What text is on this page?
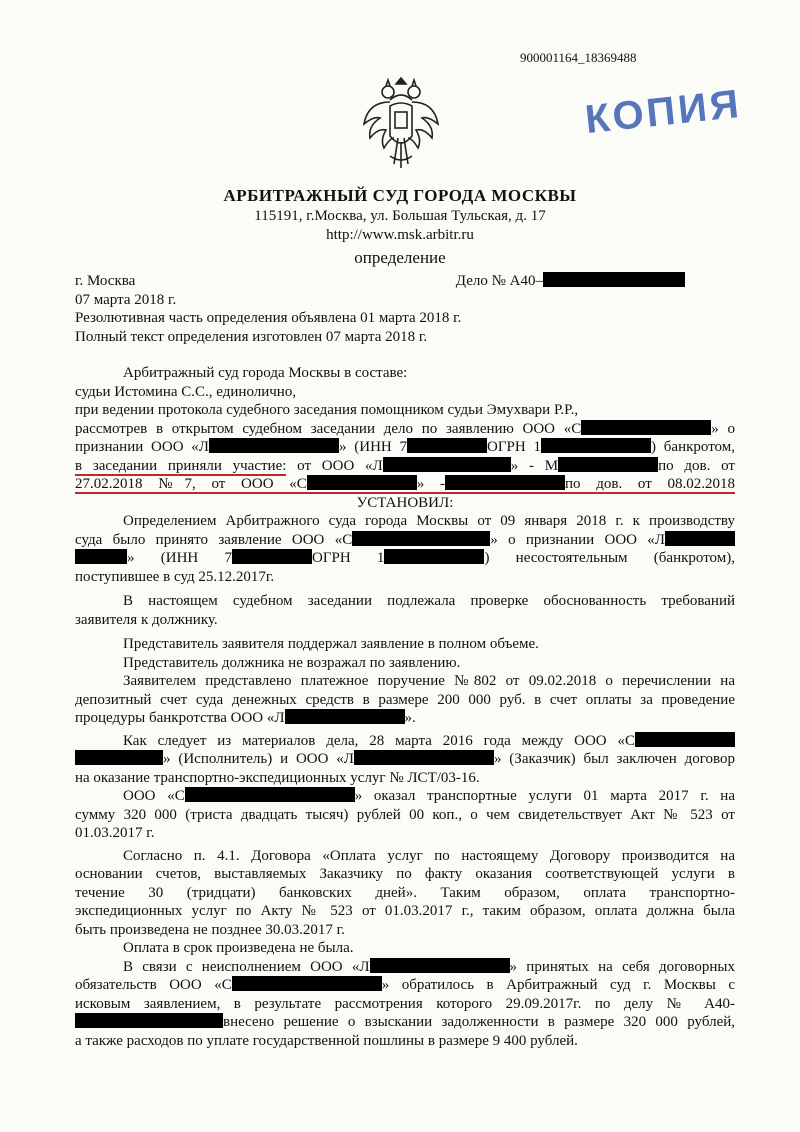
900001164_18369488
КОПИЯ
АРБИТРАЖНЫЙ СУД ГОРОДА МОСКВЫ
115191, г.Москва, ул. Большая Тульская, д. 17
http://www.msk.arbitr.ru
определение
г. Москва	Дело № А40–
07 марта 2018 г.
Резолютивная часть определения объявлена 01 марта 2018 г.
Полный текст определения изготовлен 07 марта 2018 г.
Арбитражный суд города Москвы в составе:
судьи Истомина С.С., единолично,
при ведении протокола судебного заседания помощником судьи Эмухвари Р.Р.,
рассмотрев в открытом судебном заседании дело по заявлению ООО «С	» о
признании ООО «Л	» (ИНН 7	ОГРН 1	) банкротом,
в заседании приняли участие: от ООО «Л	» - М	по дов. от
27.02.2018 №7, от ООО «С	» -	по дов. от 08.02.2018
УСТАНОВИЛ:
Определением Арбитражного суда города Москвы от 09 января 2018 г. к производству
суда было принято заявление ООО «С	» о признании ООО «Л
» (ИНН 7	ОГРН 1	) несостоятельным (банкротом),
поступившее в суд 25.12.2017г.
В настоящем судебном заседании подлежала проверке обоснованность требований
заявителя к должнику.
Представитель заявителя поддержал заявление в полном объеме.
Представитель должника не возражал по заявлению.
Заявителем представлено платежное поручение №802 от 09.02.2018 о перечислении на
депозитный счет суда денежных средств в размере 200 000 руб. в счет оплаты за проведение
процедуры банкротства ООО «Л	».
Как следует из материалов дела, 28 марта 2016 года между ООО «С
» (Исполнитель) и ООО «Л	» (Заказчик) был заключен договор
на оказание транспортно-экспедиционных услуг № ЛСТ/03-16.
ООО «С	» оказал транспортные услуги 01 марта 2017 г. на
сумму 320 000 (триста двадцать тысяч) рублей 00 коп., о чем свидетельствует Акт № 523 от
01.03.2017 г.
Согласно п. 4.1. Договора «Оплата услуг по настоящему Договору производится на
основании счетов, выставляемых Заказчику по факту оказания соответствующей услуги в
течение 30 (тридцати) банковских дней». Таким образом, оплата транспортно-
экспедиционных услуг по Акту № 523 от 01.03.2017 г., таким образом, оплата должна была
быть произведена не позднее 30.03.2017 г.
Оплата в срок произведена не была.
В связи с неисполнением ООО «Л	» принятых на себя договорных
обязательств ООО «С	» обратилось в Арбитражный суд г. Москвы с
исковым заявлением, в результате рассмотрения которого 29.09.2017г. по делу № А40-
внесено решение о взыскании задолженности в размере 320 000 рублей,
а также расходов по уплате государственной пошлины в размере 9 400 рублей.
